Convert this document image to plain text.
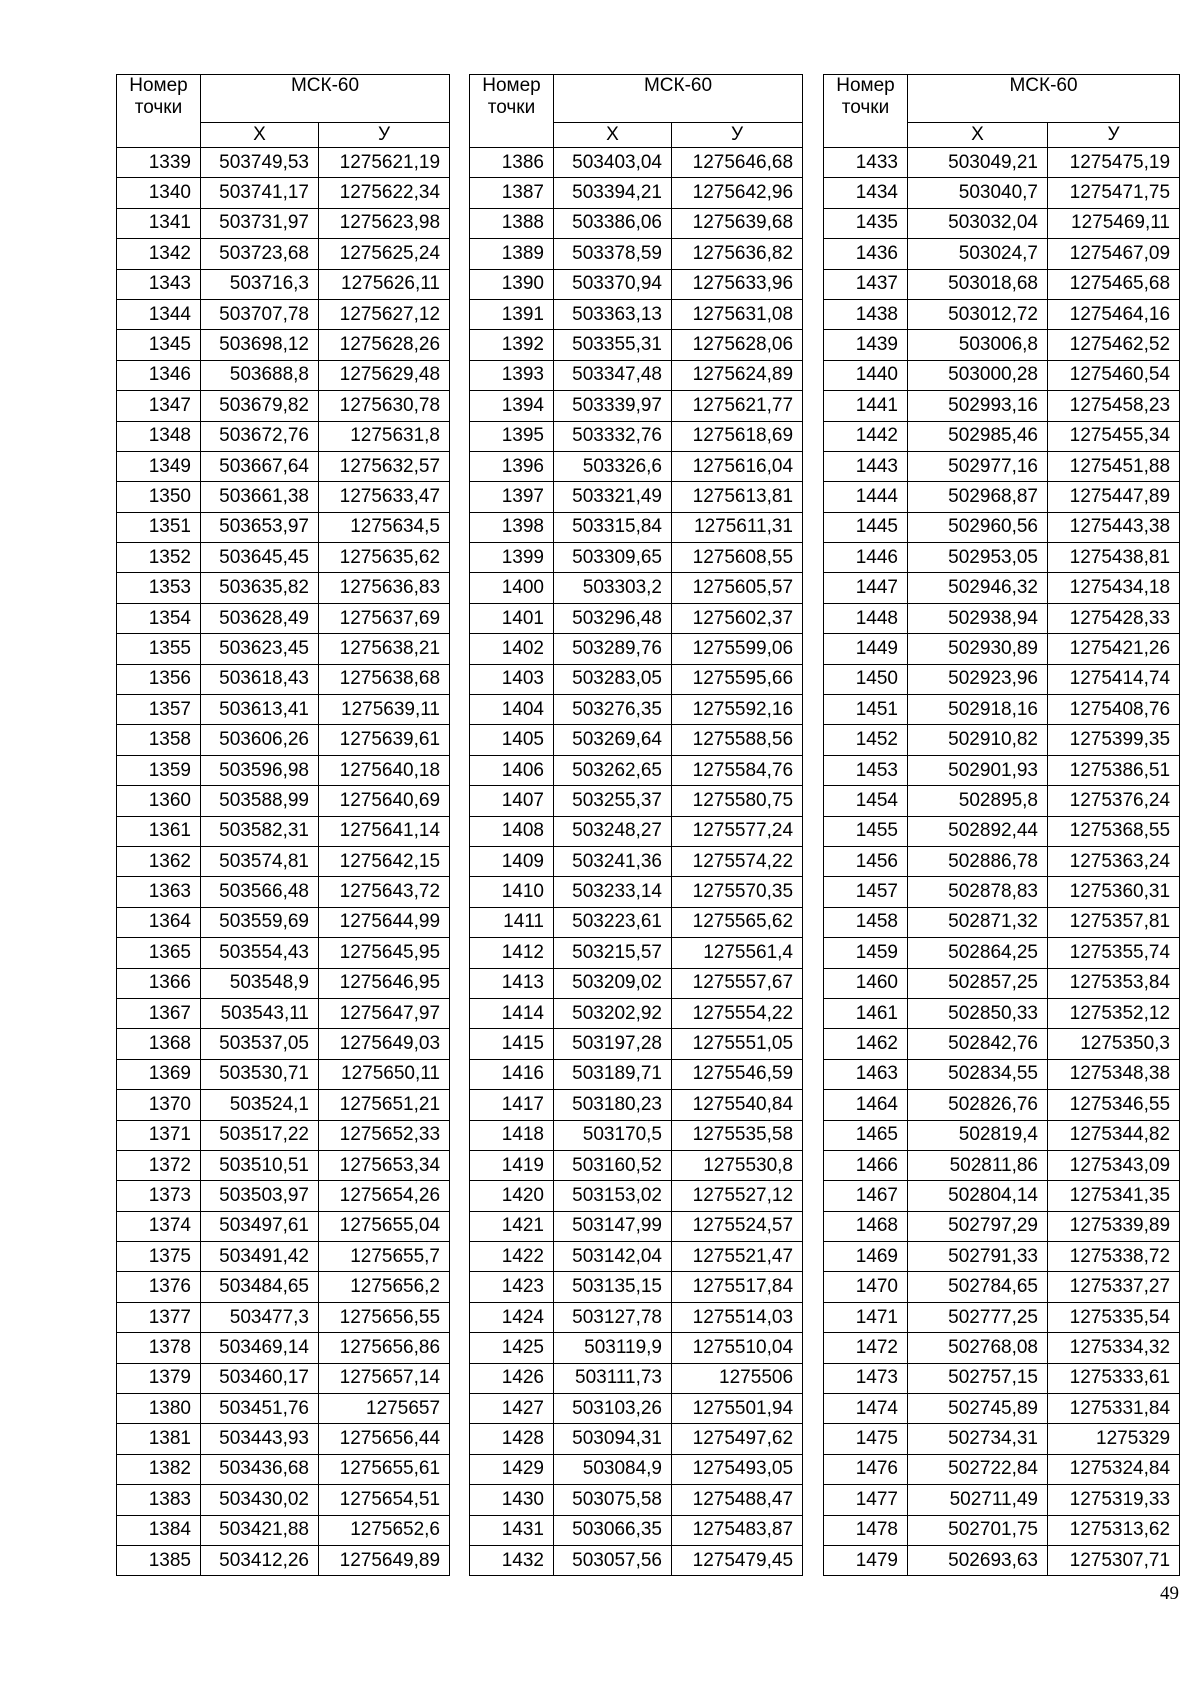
Номер
точки	МСК-60	
	X	У
1339	503749,53	1275621,19
1340	503741,17	1275622,34
1341	503731,97	1275623,98
1342	503723,68	1275625,24
1343	503716,3	1275626,11
1344	503707,78	1275627,12
1345	503698,12	1275628,26
1346	503688,8	1275629,48
1347	503679,82	1275630,78
1348	503672,76	1275631,8
1349	503667,64	1275632,57
1350	503661,38	1275633,47
1351	503653,97	1275634,5
1352	503645,45	1275635,62
1353	503635,82	1275636,83
1354	503628,49	1275637,69
1355	503623,45	1275638,21
1356	503618,43	1275638,68
1357	503613,41	1275639,11
1358	503606,26	1275639,61
1359	503596,98	1275640,18
1360	503588,99	1275640,69
1361	503582,31	1275641,14
1362	503574,81	1275642,15
1363	503566,48	1275643,72
1364	503559,69	1275644,99
1365	503554,43	1275645,95
1366	503548,9	1275646,95
1367	503543,11	1275647,97
1368	503537,05	1275649,03
1369	503530,71	1275650,11
1370	503524,1	1275651,21
1371	503517,22	1275652,33
1372	503510,51	1275653,34
1373	503503,97	1275654,26
1374	503497,61	1275655,04
1375	503491,42	1275655,7
1376	503484,65	1275656,2
1377	503477,3	1275656,55
1378	503469,14	1275656,86
1379	503460,17	1275657,14
1380	503451,76	1275657
1381	503443,93	1275656,44
1382	503436,68	1275655,61
1383	503430,02	1275654,51
1384	503421,88	1275652,6
1385	503412,26	1275649,89
Номер
точки	МСК-60	
	X	У
1386	503403,04	1275646,68
1387	503394,21	1275642,96
1388	503386,06	1275639,68
1389	503378,59	1275636,82
1390	503370,94	1275633,96
1391	503363,13	1275631,08
1392	503355,31	1275628,06
1393	503347,48	1275624,89
1394	503339,97	1275621,77
1395	503332,76	1275618,69
1396	503326,6	1275616,04
1397	503321,49	1275613,81
1398	503315,84	1275611,31
1399	503309,65	1275608,55
1400	503303,2	1275605,57
1401	503296,48	1275602,37
1402	503289,76	1275599,06
1403	503283,05	1275595,66
1404	503276,35	1275592,16
1405	503269,64	1275588,56
1406	503262,65	1275584,76
1407	503255,37	1275580,75
1408	503248,27	1275577,24
1409	503241,36	1275574,22
1410	503233,14	1275570,35
1411	503223,61	1275565,62
1412	503215,57	1275561,4
1413	503209,02	1275557,67
1414	503202,92	1275554,22
1415	503197,28	1275551,05
1416	503189,71	1275546,59
1417	503180,23	1275540,84
1418	503170,5	1275535,58
1419	503160,52	1275530,8
1420	503153,02	1275527,12
1421	503147,99	1275524,57
1422	503142,04	1275521,47
1423	503135,15	1275517,84
1424	503127,78	1275514,03
1425	503119,9	1275510,04
1426	503111,73	1275506
1427	503103,26	1275501,94
1428	503094,31	1275497,62
1429	503084,9	1275493,05
1430	503075,58	1275488,47
1431	503066,35	1275483,87
1432	503057,56	1275479,45
Номер
точки	МСК-60	
	X	У
1433	503049,21	1275475,19
1434	503040,7	1275471,75
1435	503032,04	1275469,11
1436	503024,7	1275467,09
1437	503018,68	1275465,68
1438	503012,72	1275464,16
1439	503006,8	1275462,52
1440	503000,28	1275460,54
1441	502993,16	1275458,23
1442	502985,46	1275455,34
1443	502977,16	1275451,88
1444	502968,87	1275447,89
1445	502960,56	1275443,38
1446	502953,05	1275438,81
1447	502946,32	1275434,18
1448	502938,94	1275428,33
1449	502930,89	1275421,26
1450	502923,96	1275414,74
1451	502918,16	1275408,76
1452	502910,82	1275399,35
1453	502901,93	1275386,51
1454	502895,8	1275376,24
1455	502892,44	1275368,55
1456	502886,78	1275363,24
1457	502878,83	1275360,31
1458	502871,32	1275357,81
1459	502864,25	1275355,74
1460	502857,25	1275353,84
1461	502850,33	1275352,12
1462	502842,76	1275350,3
1463	502834,55	1275348,38
1464	502826,76	1275346,55
1465	502819,4	1275344,82
1466	502811,86	1275343,09
1467	502804,14	1275341,35
1468	502797,29	1275339,89
1469	502791,33	1275338,72
1470	502784,65	1275337,27
1471	502777,25	1275335,54
1472	502768,08	1275334,32
1473	502757,15	1275333,61
1474	502745,89	1275331,84
1475	502734,31	1275329
1476	502722,84	1275324,84
1477	502711,49	1275319,33
1478	502701,75	1275313,62
1479	502693,63	1275307,71
49
